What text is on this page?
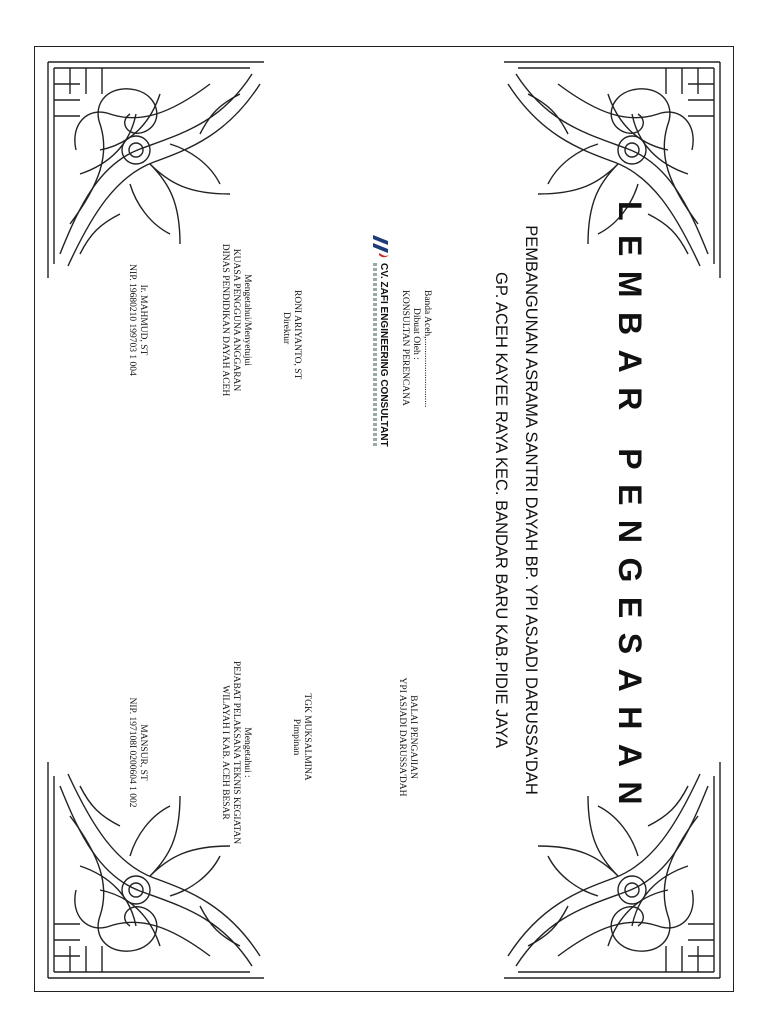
LEMBAR PENGESAHAN
PEMBANGUNAN ASRAMA SANTRI DAYAH BP. YPI ASJADI DARUSSA'DAH
GP. ACEH KAYEE RAYA KEC. BANDAR BARU KAB.PIDIE JAYA
Banda Aceh,.............................
Dibuat Oleh :
KONSULTAN PERENCANA
CV. ZAFI ENGINEERING CONSULTANT
RONI ARIYANTO, ST
Direktur
BALAI PENGAJIAN
YPI ASJADI DARUSSA'DAH
TGK MUKSALMINA
Pimpinan
Mengetahui/Menyetujui
KUASA PENGGUNA ANGGARAN
DINAS PENDIDIKAN DAYAH ACEH
Ir. MAHMUD, ST
NIP. 19680210 199703 1 004
Mengetahui :
PEJABAT PELAKSANA TEKNIS KEGIATAN
WILAYAH I KAB. ACEH BESAR
MANSUR, ST
NIP. 197108I 0200604 1 002
